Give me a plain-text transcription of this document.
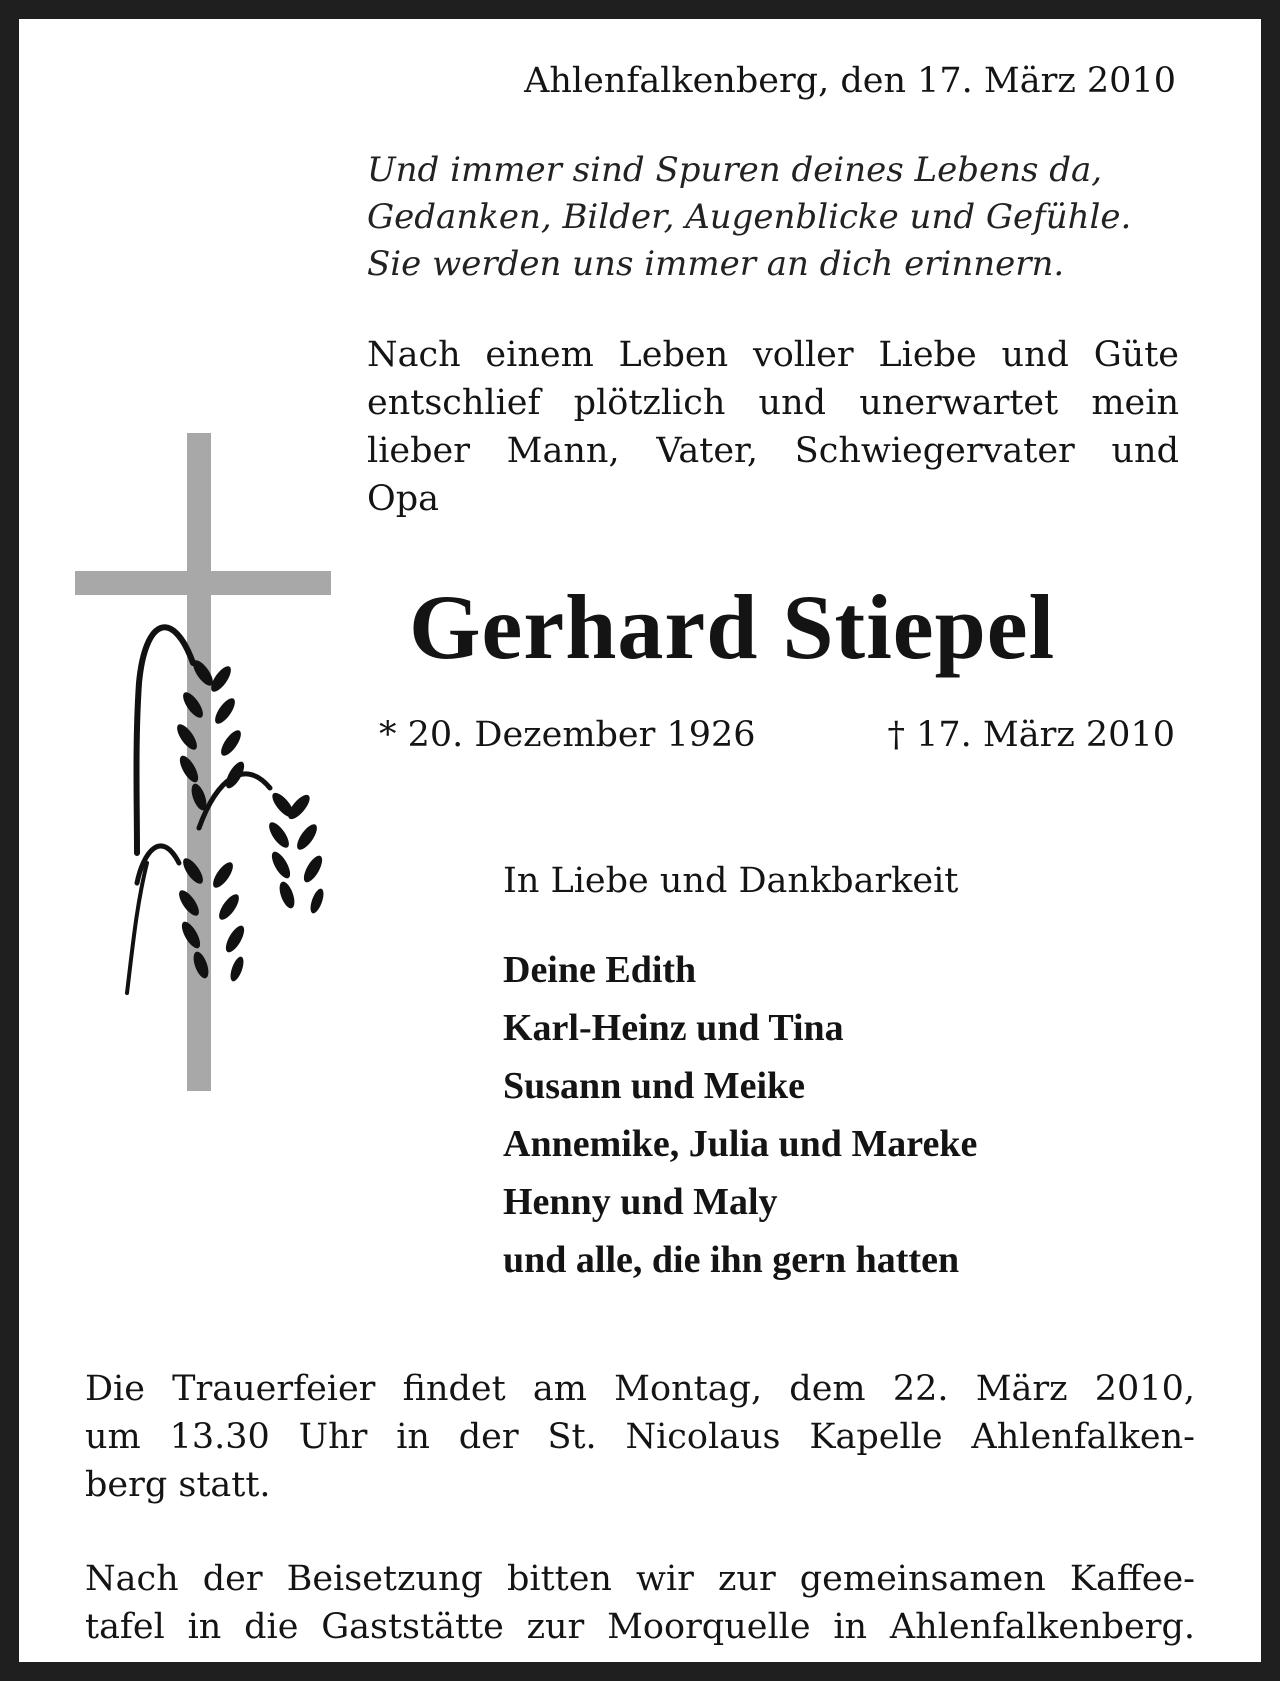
Ahlenfalkenberg, den 17. März 2010

Und immer sind Spuren deines Lebens da,
Gedanken, Bilder, Augenblicke und Gefühle.
Sie werden uns immer an dich erinnern.
Nach einem Leben voller Liebe und Güte
entschlief plötzlich und unerwartet mein
lieber Mann, Vater, Schwiegervater und
Opa
Gerhard Stiepel

* 20. Dezember 1926	† 17. März 2010

In Liebe und Dankbarkeit

Deine Edith
Karl-Heinz und Tina
Susann und Meike
Annemike, Julia und Mareke
Henny und Maly
und alle, die ihn gern hatten
Die Trauerfeier findet am Montag, dem 22. März 2010,
um 13.30 Uhr in der St. Nicolaus Kapelle Ahlenfalken-
berg statt.
Nach der Beisetzung bitten wir zur gemeinsamen Kaffee-
tafel in die Gaststätte zur Moorquelle in Ahlenfalkenberg.
